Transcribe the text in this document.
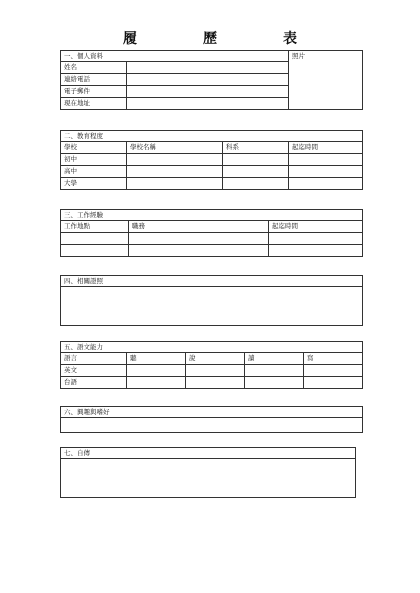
履　歷　表
一、個人資料		照片
姓名		
連絡電話		
電子郵件		
現在地址		
二、教育程度			
學校	學校名稱	科系	起迄時間
初中			
高中			
大學			
三、工作經驗		
工作地點	職務	起迄時間

四、相關證照

五、語文能力				
語言	聽	說	讀	寫
英文				
台語				
六、興趣與嗜好

七、自傳
